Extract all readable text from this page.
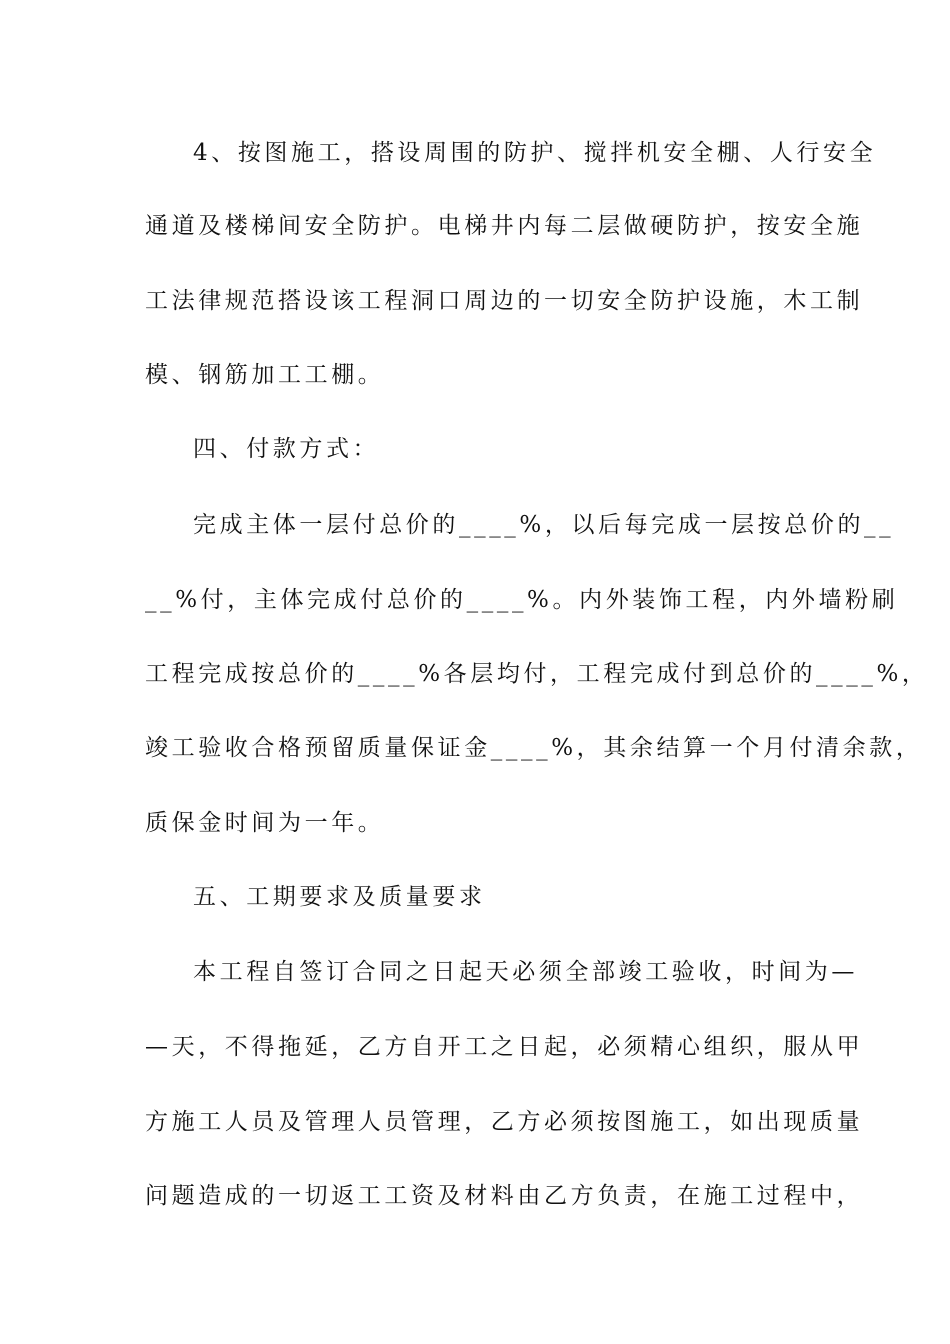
4、按图施工，搭设周围的防护、搅拌机安全棚、人行安全
通道及楼梯间安全防护。电梯井内每二层做硬防护，按安全施
工法律规范搭设该工程洞口周边的一切安全防护设施，木工制
模、钢筋加工工棚。
四、付款方式：
完成主体一层付总价的____%，以后每完成一层按总价的__
__%付，主体完成付总价的____%。内外装饰工程，内外墙粉刷
工程完成按总价的____%各层均付，工程完成付到总价的____%，
竣工验收合格预留质量保证金____%，其余结算一个月付清余款，
质保金时间为一年。
五、工期要求及质量要求
本工程自签订合同之日起天必须全部竣工验收，时间为—
—天，不得拖延，乙方自开工之日起，必须精心组织，服从甲
方施工人员及管理人员管理，乙方必须按图施工，如出现质量
问题造成的一切返工工资及材料由乙方负责，在施工过程中，
